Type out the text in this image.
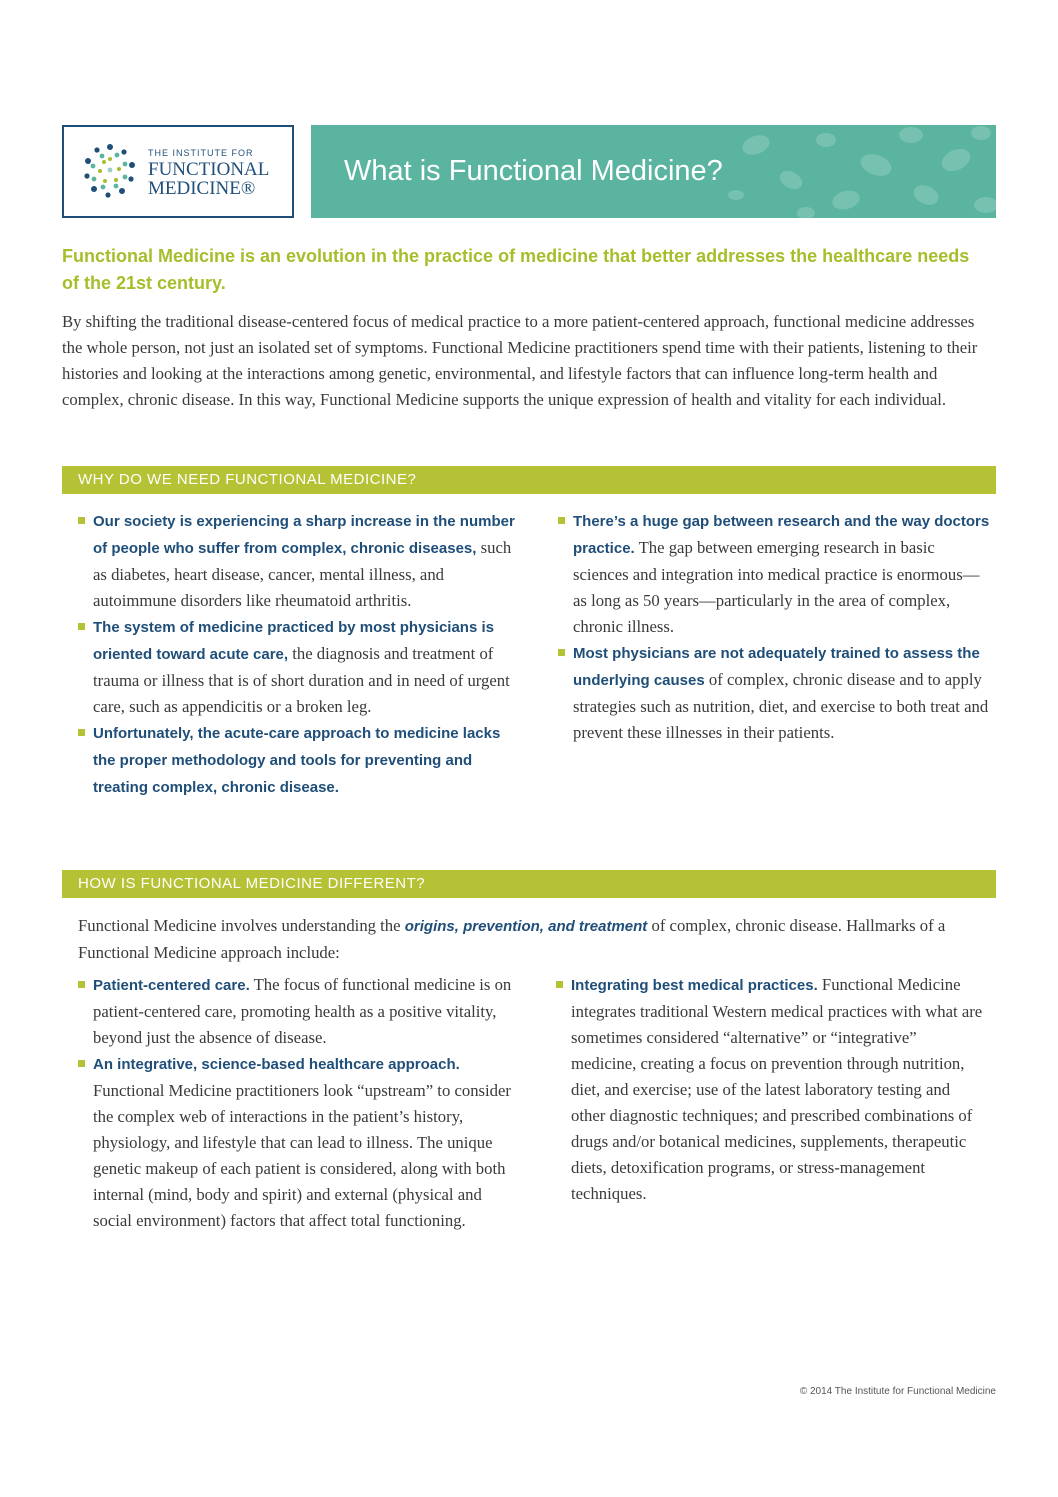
THE INSTITUTE FOR
FUNCTIONAL
MEDICINE®
What is Functional Medicine?
Functional Medicine is an evolution in the practice of medicine that better addresses the healthcare needs of the 21st century.

By shifting the traditional disease-centered focus of medical practice to a more patient-centered approach, functional medicine addresses the whole person, not just an isolated set of symptoms. Functional Medicine practitioners spend time with their patients, listening to their histories and looking at the interactions among genetic, environmental, and lifestyle factors that can influence long-term health and complex, chronic disease. In this way, Functional Medicine supports the unique expression of health and vitality for each individual.

WHY DO WE NEED FUNCTIONAL MEDICINE?
Our society is experiencing a sharp increase in the number of people who suffer from complex, chronic diseases, such as diabetes, heart disease, cancer, mental illness, and autoimmune disorders like rheumatoid arthritis.
The system of medicine practiced by most physicians is oriented toward acute care, the diagnosis and treatment of trauma or illness that is of short duration and in need of urgent care, such as appendicitis or a broken leg.
Unfortunately, the acute-care approach to medicine lacks the proper methodology and tools for preventing and treating complex, chronic disease.
There’s a huge gap between research and the way doctors practice. The gap between emerging research in basic sciences and integration into medical practice is enormous—as long as 50 years—particularly in the area of complex, chronic illness.
Most physicians are not adequately trained to assess the underlying causes of complex, chronic disease and to apply strategies such as nutrition, diet, and exercise to both treat and prevent these illnesses in their patients.
HOW IS FUNCTIONAL MEDICINE DIFFERENT?

Functional Medicine involves understanding the origins, prevention, and treatment of complex, chronic disease. Hallmarks of a Functional Medicine approach include:

Patient-centered care. The focus of functional medicine is on patient-centered care, promoting health as a positive vitality, beyond just the absence of disease.
An integrative, science-based healthcare approach. Functional Medicine practitioners look “upstream” to consider the complex web of interactions in the patient’s history, physiology, and lifestyle that can lead to illness. The unique genetic makeup of each patient is considered, along with both internal (mind, body and spirit) and external (physical and social environment) factors that affect total functioning.
Integrating best medical practices. Functional Medicine integrates traditional Western medical practices with what are sometimes considered “alternative” or “integrative” medicine, creating a focus on prevention through nutrition, diet, and exercise; use of the latest laboratory testing and other diagnostic techniques; and prescribed combinations of drugs and/or botanical medicines, supplements, therapeutic diets, detoxification programs, or stress-management techniques.
© 2014 The Institute for Functional Medicine
